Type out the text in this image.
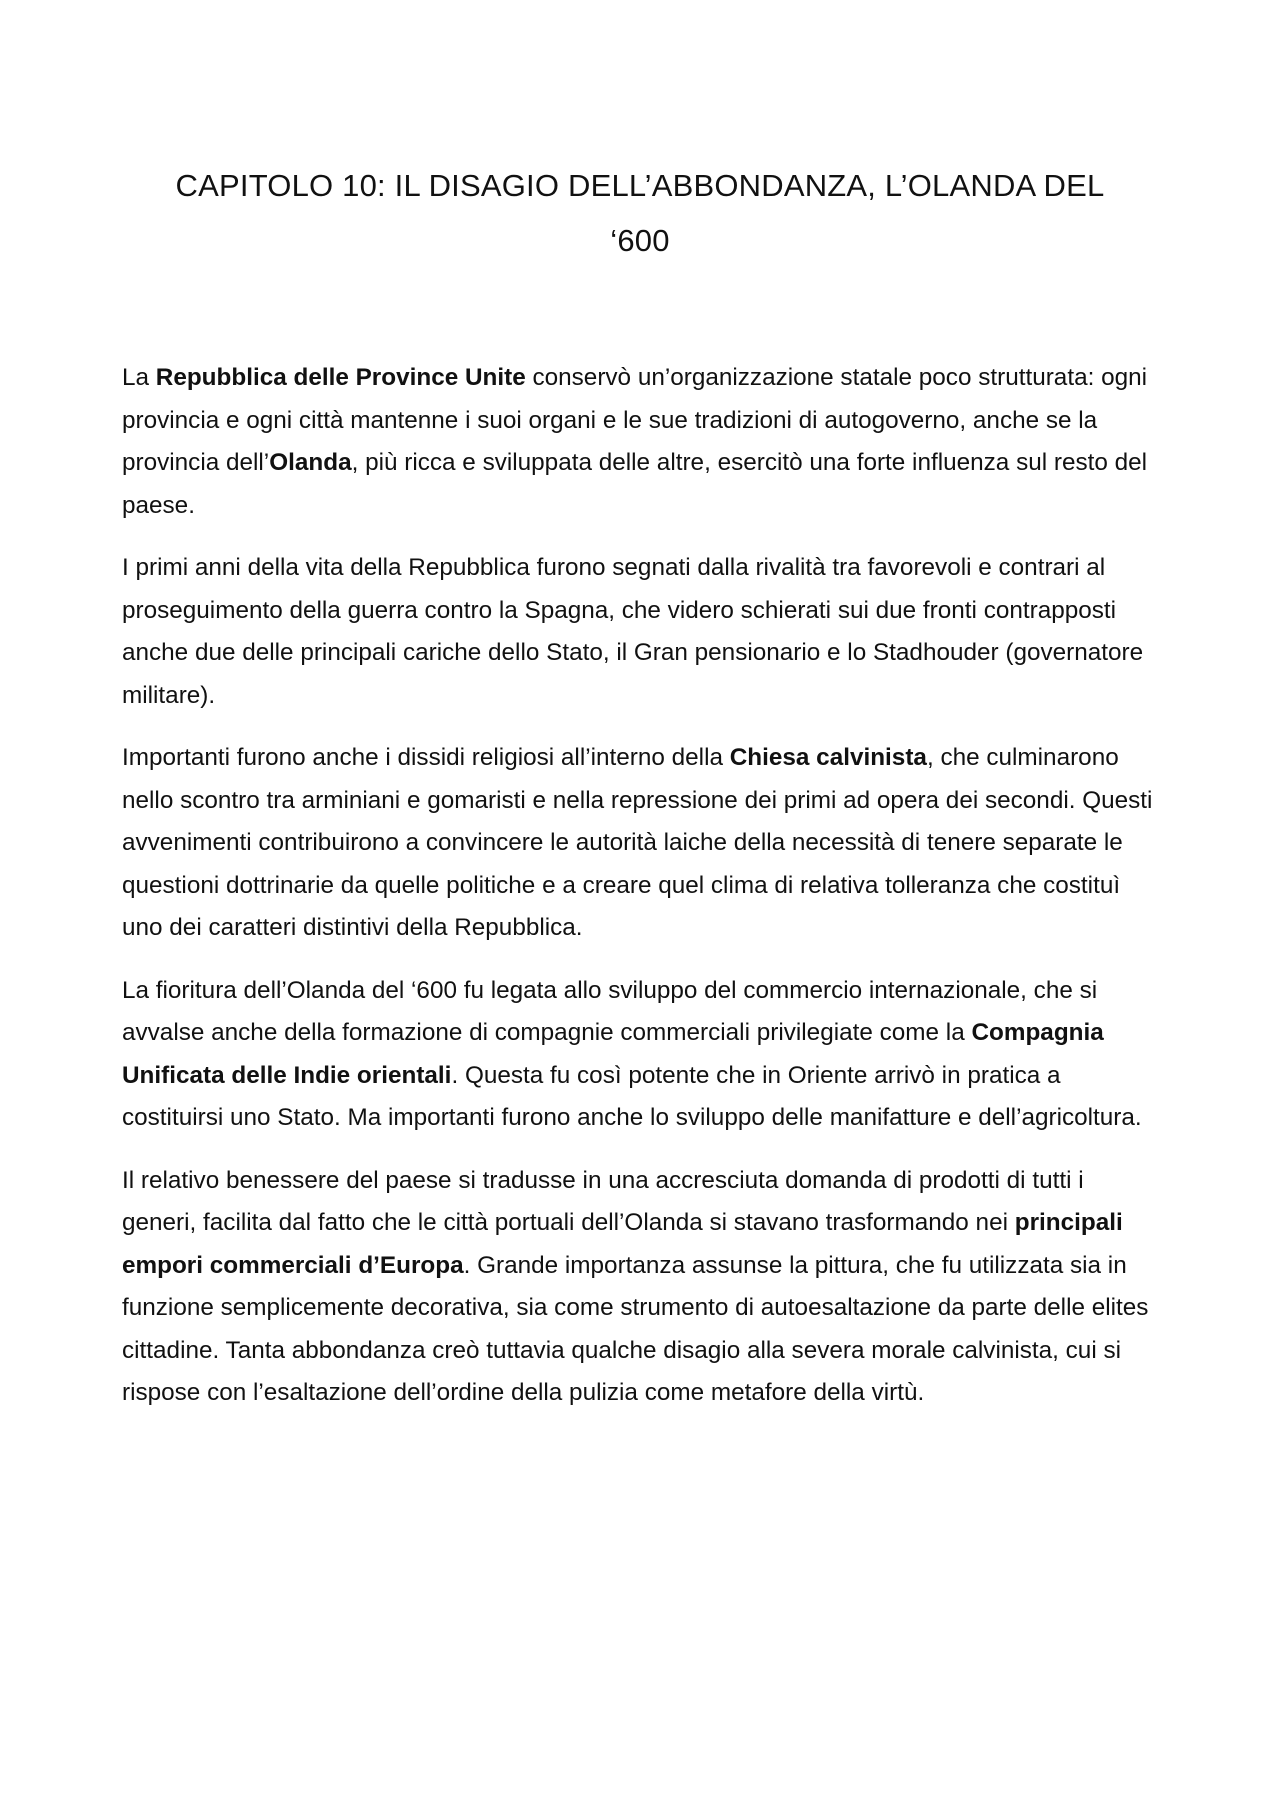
CAPITOLO 10: IL DISAGIO DELL’ABBONDANZA, L’OLANDA DEL ‘600

La Repubblica delle Province Unite conservò un’organizzazione statale poco strutturata: ogni provincia e ogni città mantenne i suoi organi e le sue tradizioni di autogoverno, anche se la provincia dell’Olanda, più ricca e sviluppata delle altre, esercitò una forte influenza sul resto del paese.

I primi anni della vita della Repubblica furono segnati dalla rivalità tra favorevoli e contrari al proseguimento della guerra contro la Spagna, che videro schierati sui due fronti contrapposti anche due delle principali cariche dello Stato, il Gran pensionario e lo Stadhouder (governatore militare).

Importanti furono anche i dissidi religiosi all’interno della Chiesa calvinista, che culminarono nello scontro tra arminiani e gomaristi e nella repressione dei primi ad opera dei secondi. Questi avvenimenti contribuirono a convincere le autorità laiche della necessità di tenere separate le questioni dottrinarie da quelle politiche e a creare quel clima di relativa tolleranza che costituì uno dei caratteri distintivi della Repubblica.

La fioritura dell’Olanda del ‘600 fu legata allo sviluppo del commercio internazionale, che si avvalse anche della formazione di compagnie commerciali privilegiate come la Compagnia Unificata delle Indie orientali. Questa fu così potente che in Oriente arrivò in pratica a costituirsi uno Stato. Ma importanti furono anche lo sviluppo delle manifatture e dell’agricoltura.

Il relativo benessere del paese si tradusse in una accresciuta domanda di prodotti di tutti i generi, facilita dal fatto che le città portuali dell’Olanda si stavano trasformando nei principali empori commerciali d’Europa. Grande importanza assunse la pittura, che fu utilizzata sia in funzione semplicemente decorativa, sia come strumento di autoesaltazione da parte delle elites cittadine. Tanta abbondanza creò tuttavia qualche disagio alla severa morale calvinista, cui si rispose con l’esaltazione dell’ordine della pulizia come metafore della virtù.
